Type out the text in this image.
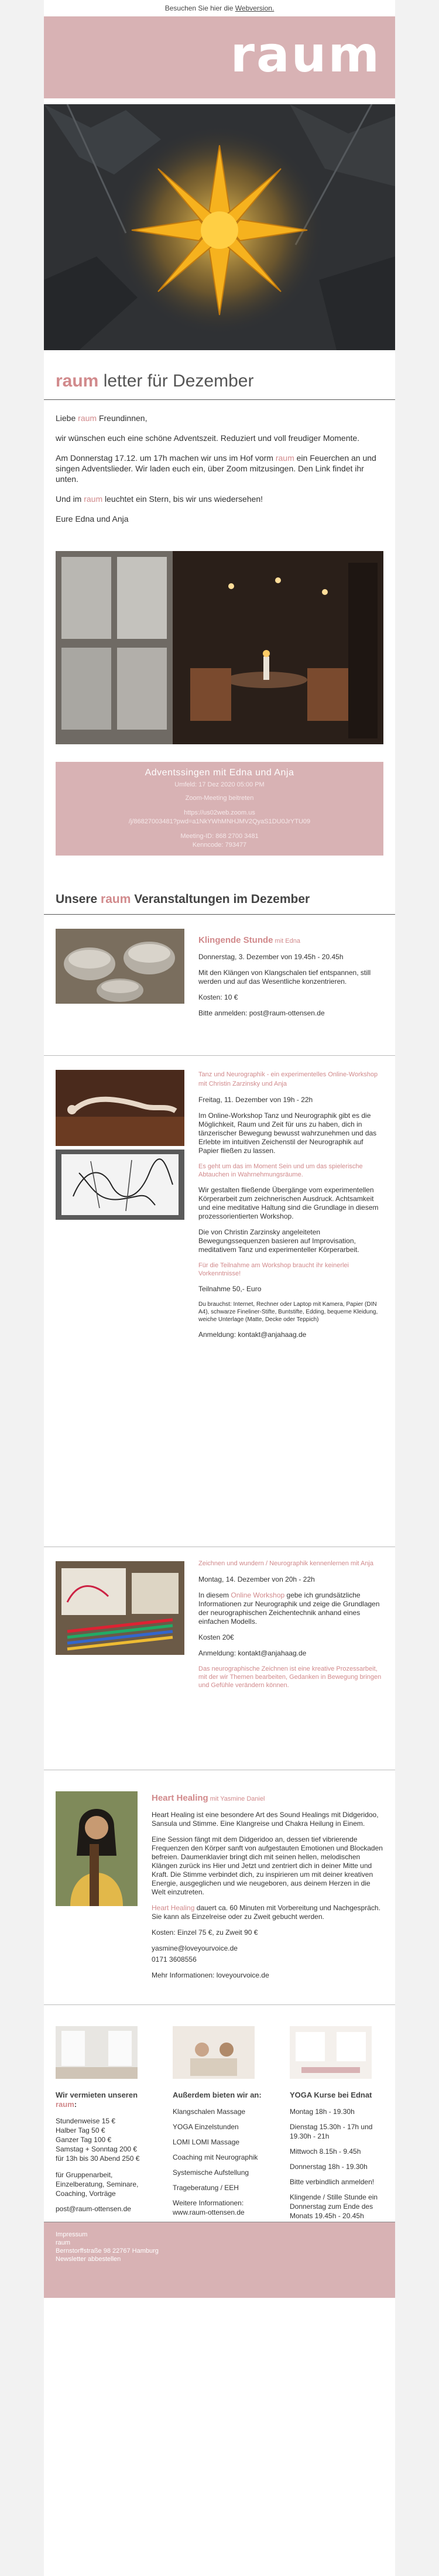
Besuchen Sie hier die Webversion.
raum
raum letter für Dezember

Liebe raum Freundinnen,

wir wünschen euch eine schöne Adventszeit. Reduziert und voll freudiger Momente.

Am Donnerstag 17.12. um 17h machen wir uns im Hof vorm raum ein Feuerchen an und singen Adventslieder. Wir laden euch ein, über Zoom mitzusingen. Den Link findet ihr unten.

Und im raum leuchtet ein Stern, bis wir uns wiedersehen!

Eure Edna und Anja

Adventssingen mit Edna und Anja
Umfeld: 17 Dez 2020 05:00 PM
Zoom-Meeting beitreten
https://us02web.zoom.us
/j/86827003481?pwd=a1NkYWhMNHJMV2QyaS1DU0JrYTU09
Meeting-ID: 868 2700 3481
Kenncode: 793477
Unsere raum Veranstaltungen im Dezember

Klingende Stunde mit Edna

Donnerstag, 3. Dezember von 19.45h - 20.45h

Mit den Klängen von Klangschalen tief entspannen, still werden und auf das Wesentliche konzentrieren.

Kosten: 10 €

Bitte anmelden: post@raum-ottensen.de

Tanz und Neurographik - ein experimentelles Online-Workshop mit Christin Zarzinsky und Anja

Freitag, 11. Dezember von 19h - 22h

Im Online-Workshop Tanz und Neurographik gibt es die Möglichkeit, Raum und Zeit für uns zu haben, dich in tänzerischer Bewegung bewusst wahrzunehmen und das Erlebte im intuitiven Zeichenstil der Neurographik auf Papier fließen zu lassen.

Es geht um das im Moment Sein und um das spielerische Abtauchen in Wahrnehmungsräume.

Wir gestalten fließende Übergänge vom experimentellen Körperarbeit zum zeichnerischen Ausdruck. Achtsamkeit und eine meditative Haltung sind die Grundlage in diesem prozessorientierten Workshop.

Die von Christin Zarzinsky angeleiteten Bewegungssequenzen basieren auf Improvisation, meditativem Tanz und experimenteller Körperarbeit.

Für die Teilnahme am Workshop braucht ihr keinerlei Vorkenntnisse!

Teilnahme 50,- Euro

Du brauchst: Internet, Rechner oder Laptop mit Kamera, Papier (DIN A4), schwarze Fineliner-Stifte, Buntstifte, Edding, bequeme Kleidung, weiche Unterlage (Matte, Decke oder Teppich)

Anmeldung: kontakt@anjahaag.de

Zeichnen und wundern / Neurographik kennenlernen mit Anja

Montag, 14. Dezember von 20h - 22h

In diesem Online Workshop gebe ich grundsätzliche Informationen zur Neurographik und zeige die Grundlagen der neurographischen Zeichentechnik anhand eines einfachen Modells.

Kosten 20€

Anmeldung: kontakt@anjahaag.de

Das neurographische Zeichnen ist eine kreative Prozessarbeit, mit der wir Themen bearbeiten, Gedanken in Bewegung bringen und Gefühle verändern können.

Heart Healing mit Yasmine Daniel

Heart Healing ist eine besondere Art des Sound Healings mit Didgeridoo, Sansula und Stimme. Eine Klangreise und Chakra Heilung in Einem.

Eine Session fängt mit dem Didgeridoo an, dessen tief vibrierende Frequenzen den Körper sanft von aufgestauten Emotionen und Blockaden befreien. Daumenklavier bringt dich mit seinen hellen, melodischen Klängen zurück ins Hier und Jetzt und zentriert dich in deiner Mitte und Kraft. Die Stimme verbindet dich, zu inspirieren um mit deiner kreativen Energie, ausgeglichen und wie neugeboren, aus deinem Herzen in die Welt einzutreten.

Heart Healing dauert ca. 60 Minuten mit Vorbereitung und Nachgespräch. Sie kann als Einzelreise oder zu Zweit gebucht werden.

Kosten: Einzel 75 €, zu Zweit 90 €

yasmine@loveyourvoice.de

0171 3608556

Mehr Informationen: loveyourvoice.de

Wir vermieten unseren raum:
Stundenweise 15 €
Halber Tag 50 €
Ganzer Tag 100 €
Samstag + Sonntag 200 €
für 13h bis 30 Abend 250 €

für Gruppenarbeit, Einzelberatung, Seminare, Coaching, Vorträge

post@raum-ottensen.de

Außerdem bieten wir an:

Klangschalen Massage

YOGA Einzelstunden

LOMI LOMI Massage

Coaching mit Neurographik

Systemische Aufstellung

Trageberatung / EEH

Weitere Informationen: www.raum-ottensen.de

YOGA Kurse bei Ednat

Montag 18h - 19.30h

Dienstag 15.30h - 17h und 19.30h - 21h

Mittwoch 8.15h - 9.45h

Donnerstag 18h - 19.30h

Bitte verbindlich anmelden!

Klingende / Stille Stunde ein Donnerstag zum Ende des Monats 19.45h - 20.45h

Impressum
raum
Bernstorffstraße 98 22767 Hamburg
Newsletter abbestellen
